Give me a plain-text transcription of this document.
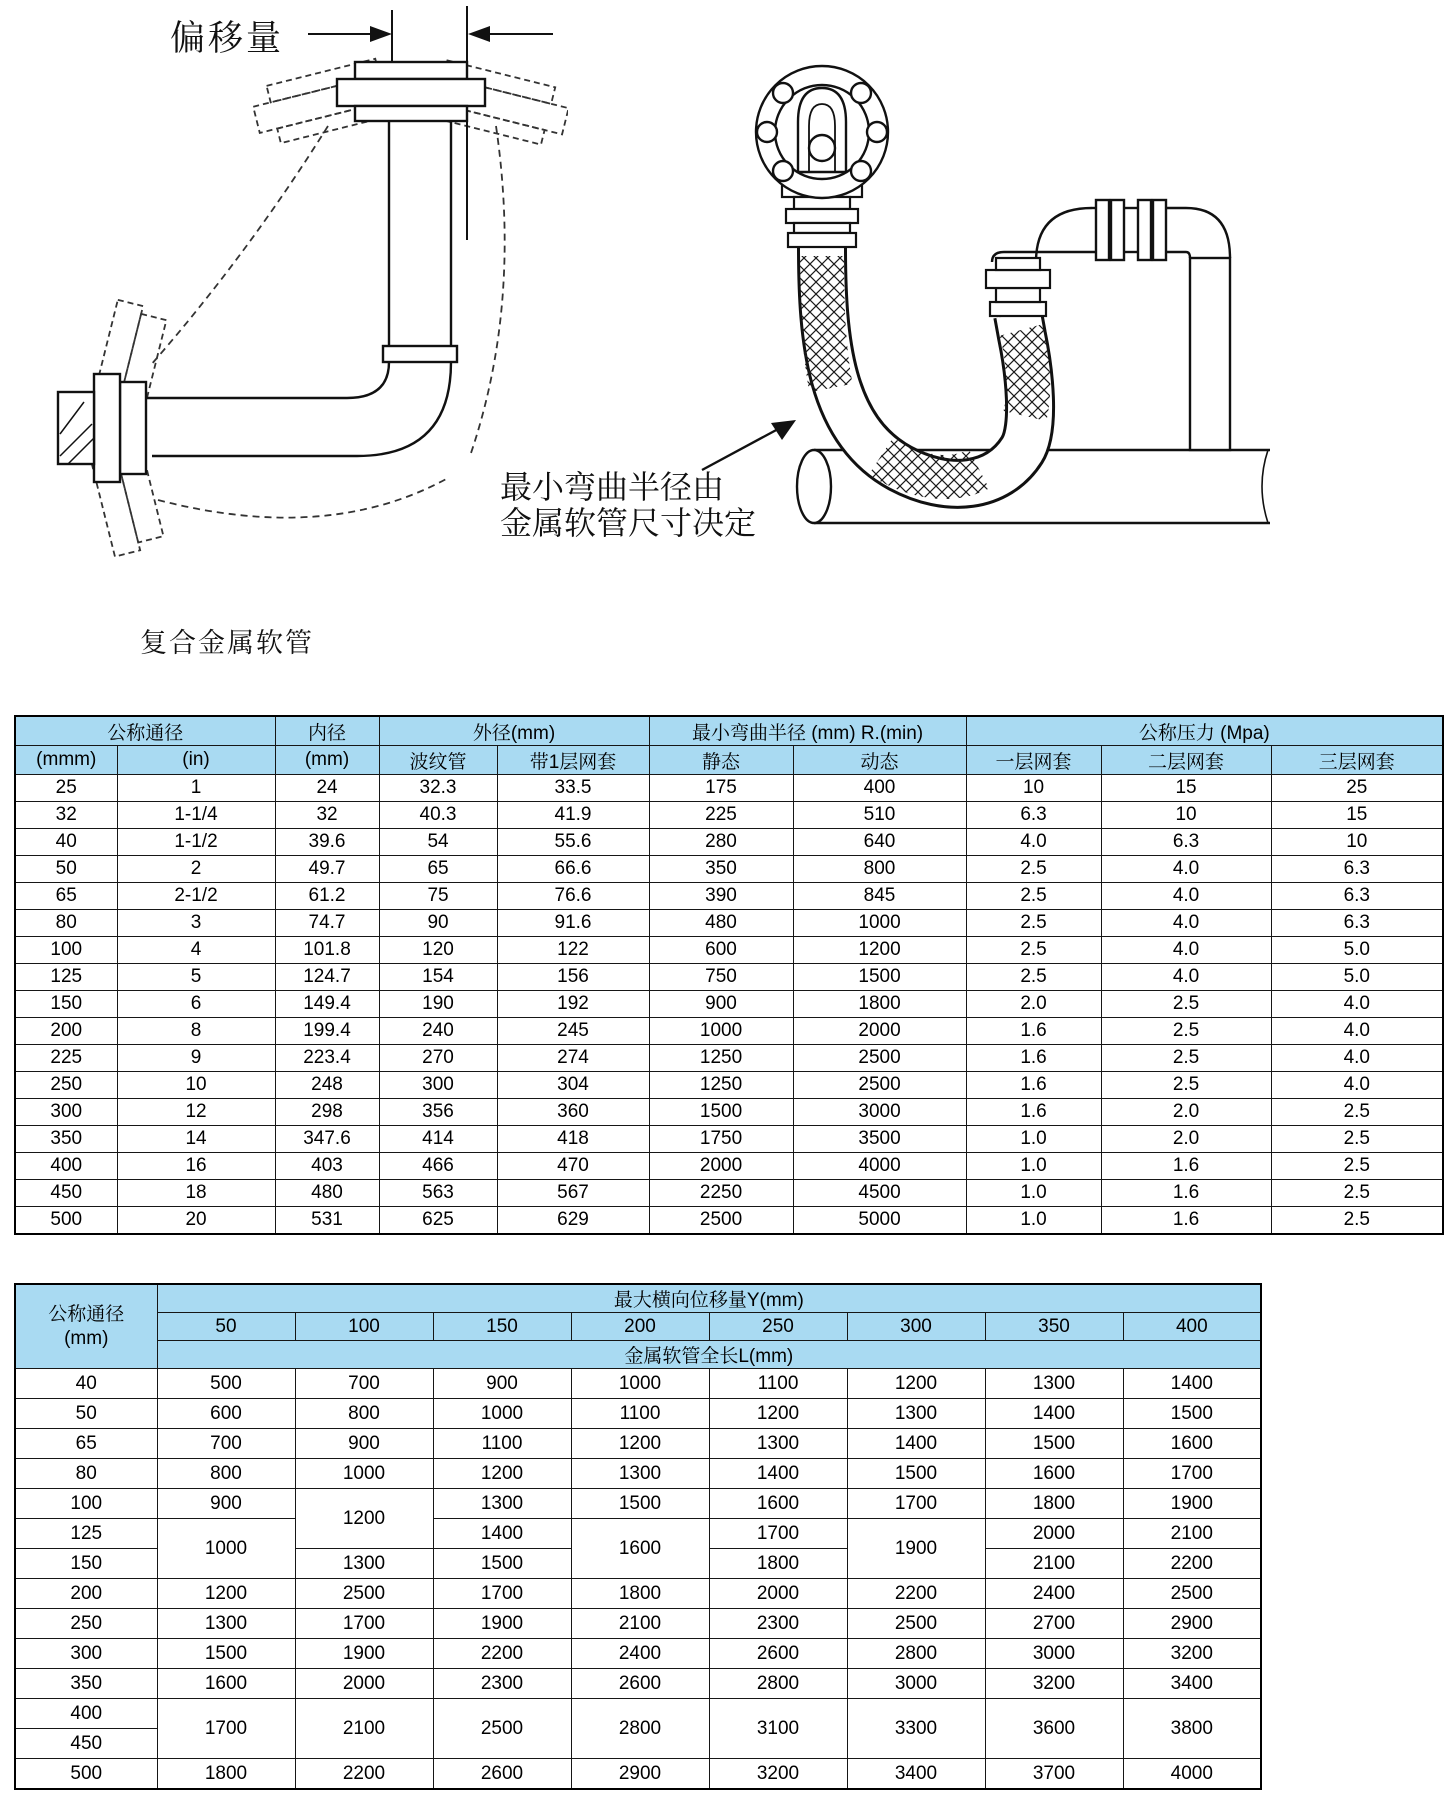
偏移量
最小弯曲半径由
金属软管尺寸决定
复合金属软管
公称通径		内径	外径(mm)		最小弯曲半径 (mm) R.(min)		公称压力 (Mpa)		
(mmm)	(in)	(mm)	波纹管	带1层网套	静态	动态	一层网套	二层网套	三层网套
25	1	24	32.3	33.5	175	400	10	15	25
32	1-1/4	32	40.3	41.9	225	510	6.3	10	15
40	1-1/2	39.6	54	55.6	280	640	4.0	6.3	10
50	2	49.7	65	66.6	350	800	2.5	4.0	6.3
65	2-1/2	61.2	75	76.6	390	845	2.5	4.0	6.3
80	3	74.7	90	91.6	480	1000	2.5	4.0	6.3
100	4	101.8	120	122	600	1200	2.5	4.0	5.0
125	5	124.7	154	156	750	1500	2.5	4.0	5.0
150	6	149.4	190	192	900	1800	2.0	2.5	4.0
200	8	199.4	240	245	1000	2000	1.6	2.5	4.0
225	9	223.4	270	274	1250	2500	1.6	2.5	4.0
250	10	248	300	304	1250	2500	1.6	2.5	4.0
300	12	298	356	360	1500	3000	1.6	2.0	2.5
350	14	347.6	414	418	1750	3500	1.0	2.0	2.5
400	16	403	466	470	2000	4000	1.0	1.6	2.5
450	18	480	563	567	2250	4500	1.0	1.6	2.5
500	20	531	625	629	2500	5000	1.0	1.6	2.5
公称通径
(mm)	最大横向位移量Y(mm)							
	50	100	150	200	250	300	350	400
	金属软管全长L(mm)							
40	500	700	900	1000	1100	1200	1300	1400
50	600	800	1000	1100	1200	1300	1400	1500
65	700	900	1100	1200	1300	1400	1500	1600
80	800	1000	1200	1300	1400	1500	1600	1700
100	900	1200	1300	1500	1600	1700	1800	1900
125	1000		1400	1600	1700	1900	2000	2100
150		1300	1500		1800		2100	2200
200	1200	2500	1700	1800	2000	2200	2400	2500
250	1300	1700	1900	2100	2300	2500	2700	2900
300	1500	1900	2200	2400	2600	2800	3000	3200
350	1600	2000	2300	2600	2800	3000	3200	3400
400	1700	2100	2500	2800	3100	3300	3600	3800
450								
500	1800	2200	2600	2900	3200	3400	3700	4000
